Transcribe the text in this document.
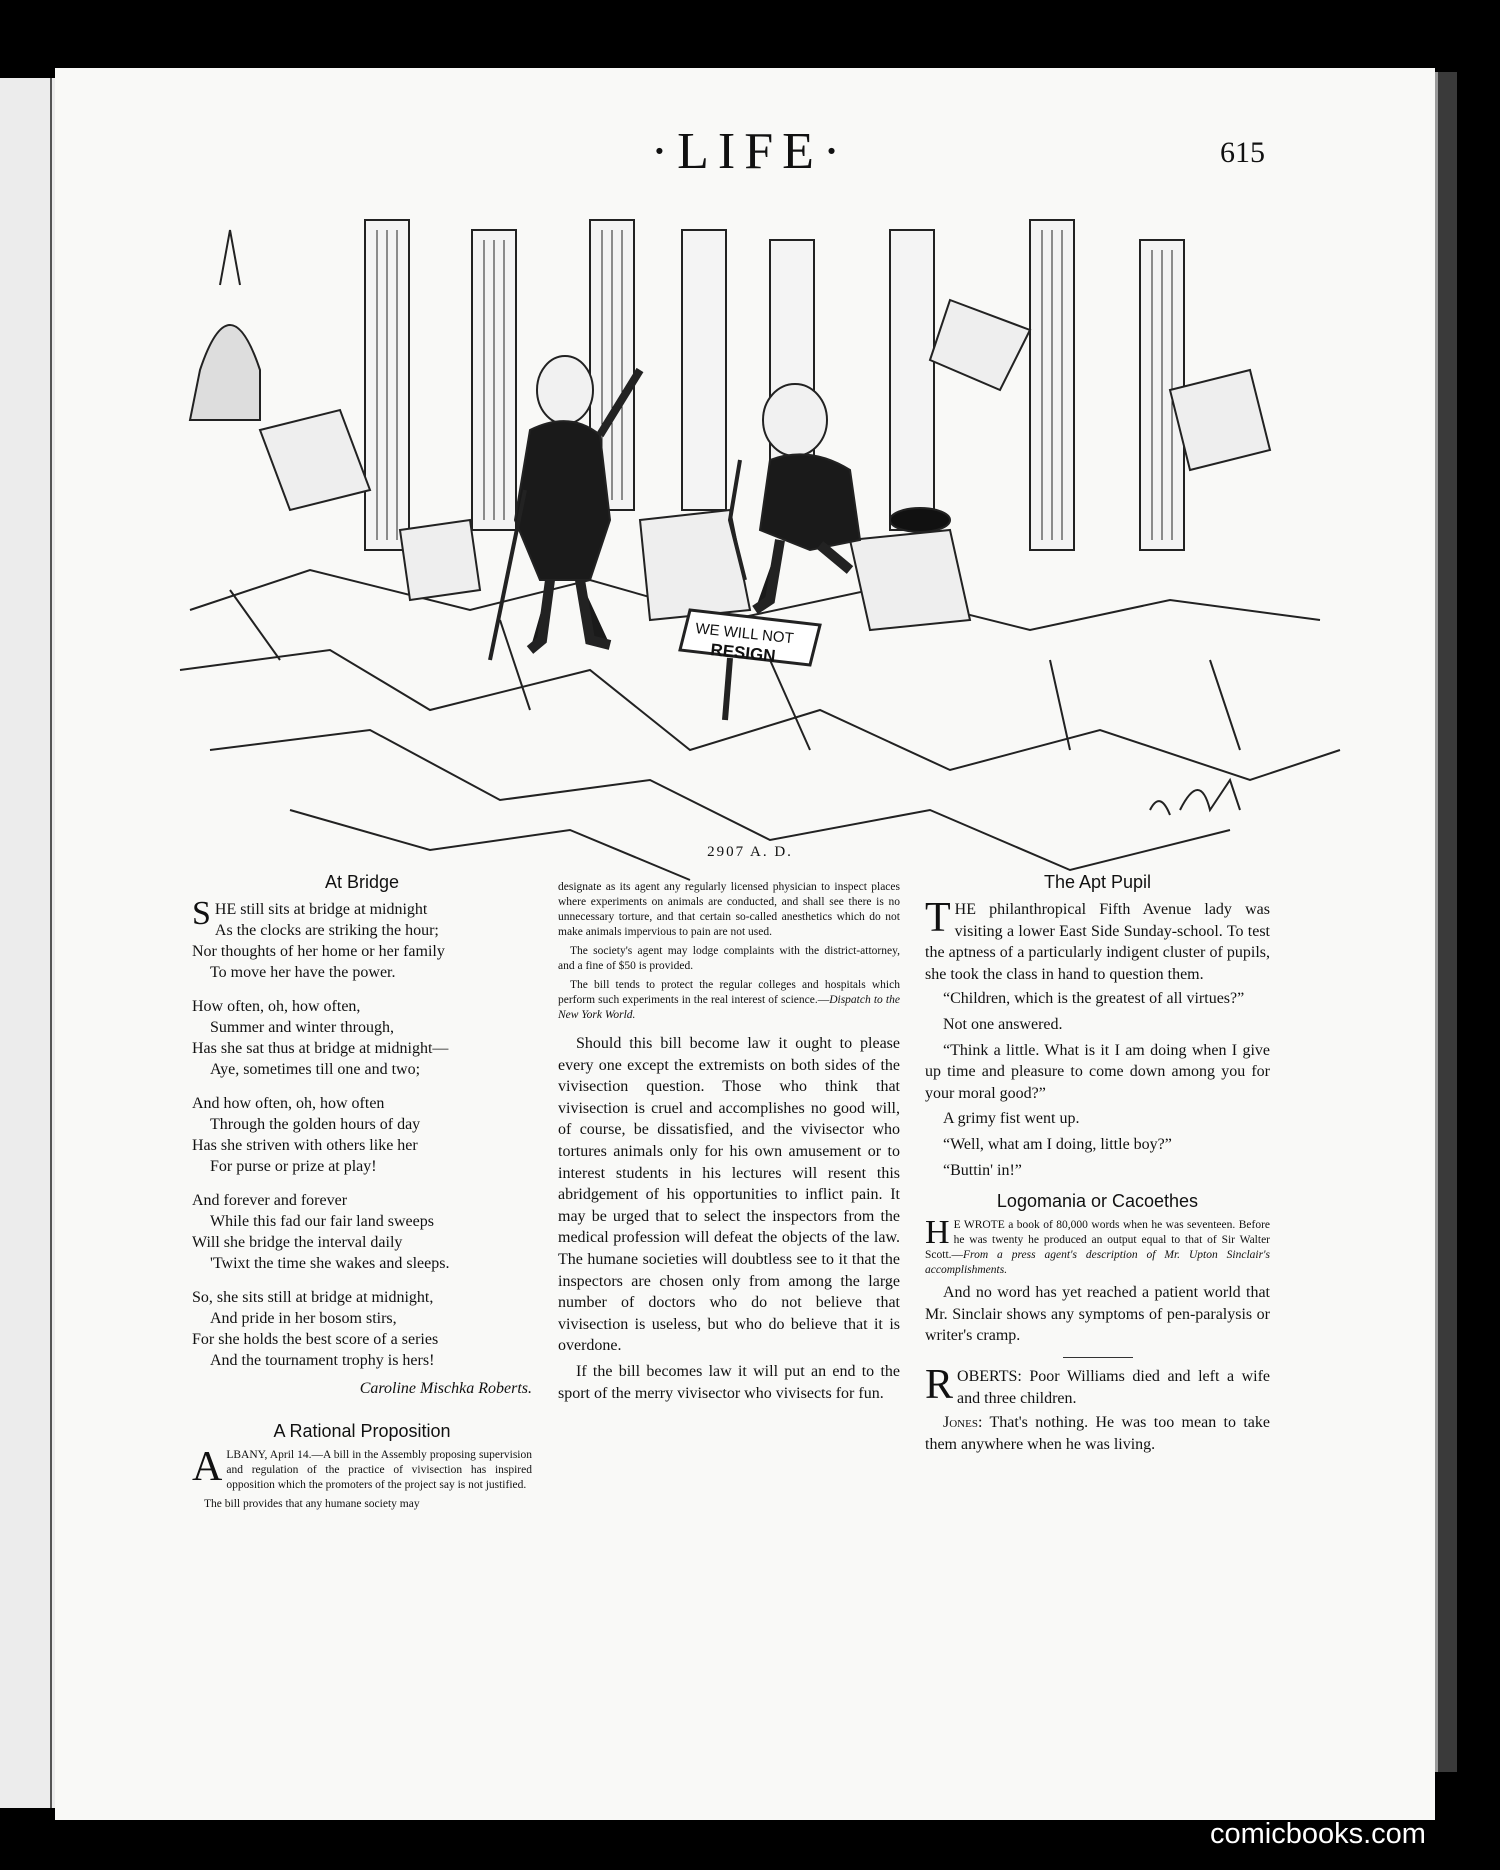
·LIFE·	615
WE WILL NOT
RESIGN
2907 A. D.
At Bridge
SHE still sits at bridge at midnight
As the clocks are striking the hour;
Nor thoughts of her home or her family
To move her have the power.
How often, oh, how often,
Summer and winter through,
Has she sat thus at bridge at midnight—
Aye, sometimes till one and two;
And how often, oh, how often
Through the golden hours of day
Has she striven with others like her
For purse or prize at play!
And forever and forever
While this fad our fair land sweeps
Will she bridge the interval daily
'Twixt the time she wakes and sleeps.
So, she sits still at bridge at midnight,
And pride in her bosom stirs,
For she holds the best score of a series
And the tournament trophy is hers!
Caroline Mischka Roberts.
A Rational Proposition
ALBANY, April 14.—A bill in the Assembly proposing supervision and regulation of the practice of vivisection has inspired opposition which the promoters of the project say is not justified.
The bill provides that any humane society may
designate as its agent any regularly licensed physician to inspect places where experiments on animals are conducted, and shall see there is no unnecessary torture, and that certain so-called anesthetics which do not make animals impervious to pain are not used.
The society's agent may lodge complaints with the district-attorney, and a fine of $50 is provided.
The bill tends to protect the regular colleges and hospitals which perform such experiments in the real interest of science.—Dispatch to the New York World.
Should this bill become law it ought to please every one except the extremists on both sides of the vivisection question. Those who think that vivisection is cruel and accomplishes no good will, of course, be dissatisfied, and the vivisector who tortures animals only for his own amusement or to interest students in his lectures will resent this abridgement of his opportunities to inflict pain. It may be urged that to select the inspectors from the medical profession will defeat the objects of the law. The humane societies will doubtless see to it that the inspectors are chosen only from among the large number of doctors who do not believe that vivisection is useless, but who do believe that it is overdone.
If the bill becomes law it will put an end to the sport of the merry vivisector who vivisects for fun.
The Apt Pupil
THE philanthropical Fifth Avenue lady was visiting a lower East Side Sunday-school. To test the aptness of a particularly indigent cluster of pupils, she took the class in hand to question them.
“Children, which is the greatest of all virtues?”
Not one answered.
“Think a little. What is it I am doing when I give up time and pleasure to come down among you for your moral good?”
A grimy fist went up.
“Well, what am I doing, little boy?”
“Buttin' in!”
Logomania or Cacoethes
H E WROTE a book of 80,000 words when he was seventeen. Before he was twenty he produced an output equal to that of Sir Walter Scott.—From a press agent's description of Mr. Upton Sinclair's accomplishments.
And no word has yet reached a patient world that Mr. Sinclair shows any symptoms of pen-paralysis or writer's cramp.
ROBERTS: Poor Williams died and left a wife and three children.
Jones: That's nothing. He was too mean to take them anywhere when he was living.
comicbooks.com
